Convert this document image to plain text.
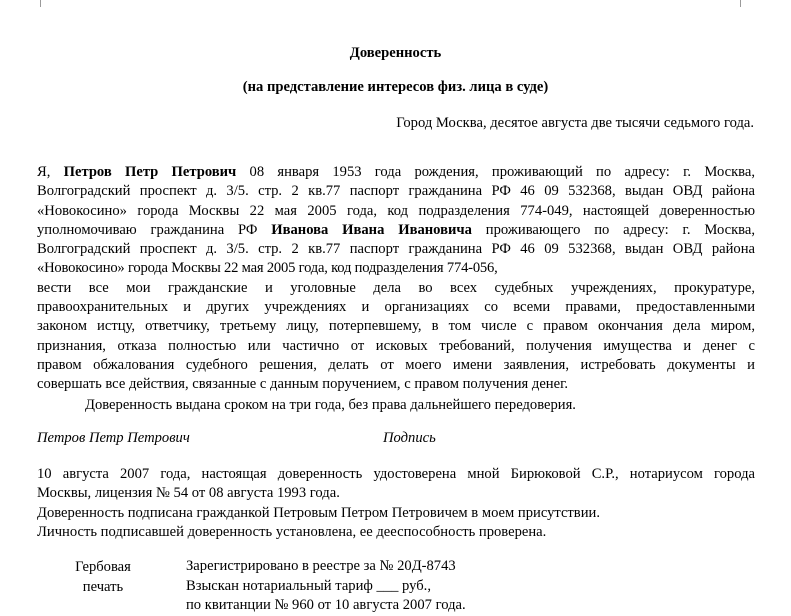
Доверенность
(на представление интересов физ. лица в суде)
Город Москва, десятое августа две тысячи седьмого года.
Я, Петров Петр Петрович 08 января 1953 года рождения, проживающий по адресу: г. Москва,
Волгоградский проспект д. 3/5. стр. 2 кв.77 паспорт гражданина РФ 46 09 532368, выдан ОВД района
«Новокосино» города Москвы 22 мая 2005 года, код подразделения 774-049, настоящей доверенностью
уполномочиваю гражданина РФ Иванова Ивана Ивановича проживающего по адресу: г. Москва,
Волгоградский проспект д. 3/5. стр. 2 кв.77 паспорт гражданина РФ 46 09 532368, выдан ОВД района
«Новокосино» города Москвы 22 мая 2005 года, код подразделения 774-056,
вести все мои гражданские и уголовные дела во всех судебных учреждениях, прокуратуре,
правоохранительных и других учреждениях и организациях со всеми правами, предоставленными
законом истцу, ответчику, третьему лицу, потерпевшему, в том числе с правом окончания дела миром,
признания, отказа полностью или частично от исковых требований, получения имущества и денег с
правом обжалования судебного решения, делать от моего имени заявления, истребовать документы и
совершать все действия, связанные с данным поручением, с правом получения денег.
Доверенность выдана сроком на три года, без права дальнейшего передоверия.
Петров Петр Петрович	Подпись
10 августа 2007 года, настоящая доверенность удостоверена мной Бирюковой С.Р., нотариусом города
Москвы, лицензия № 54 от 08 августа 1993 года.
Доверенность подписана гражданкой Петровым Петром Петровичем в моем присутствии.
Личность подписавшей доверенность установлена, ее дееспособность проверена.
Гербовая
печать
Зарегистрировано в реестре за № 20Д-8743
Взыскан нотариальный тариф ___ руб.,
по квитанции № 960 от 10 августа 2007 года.
